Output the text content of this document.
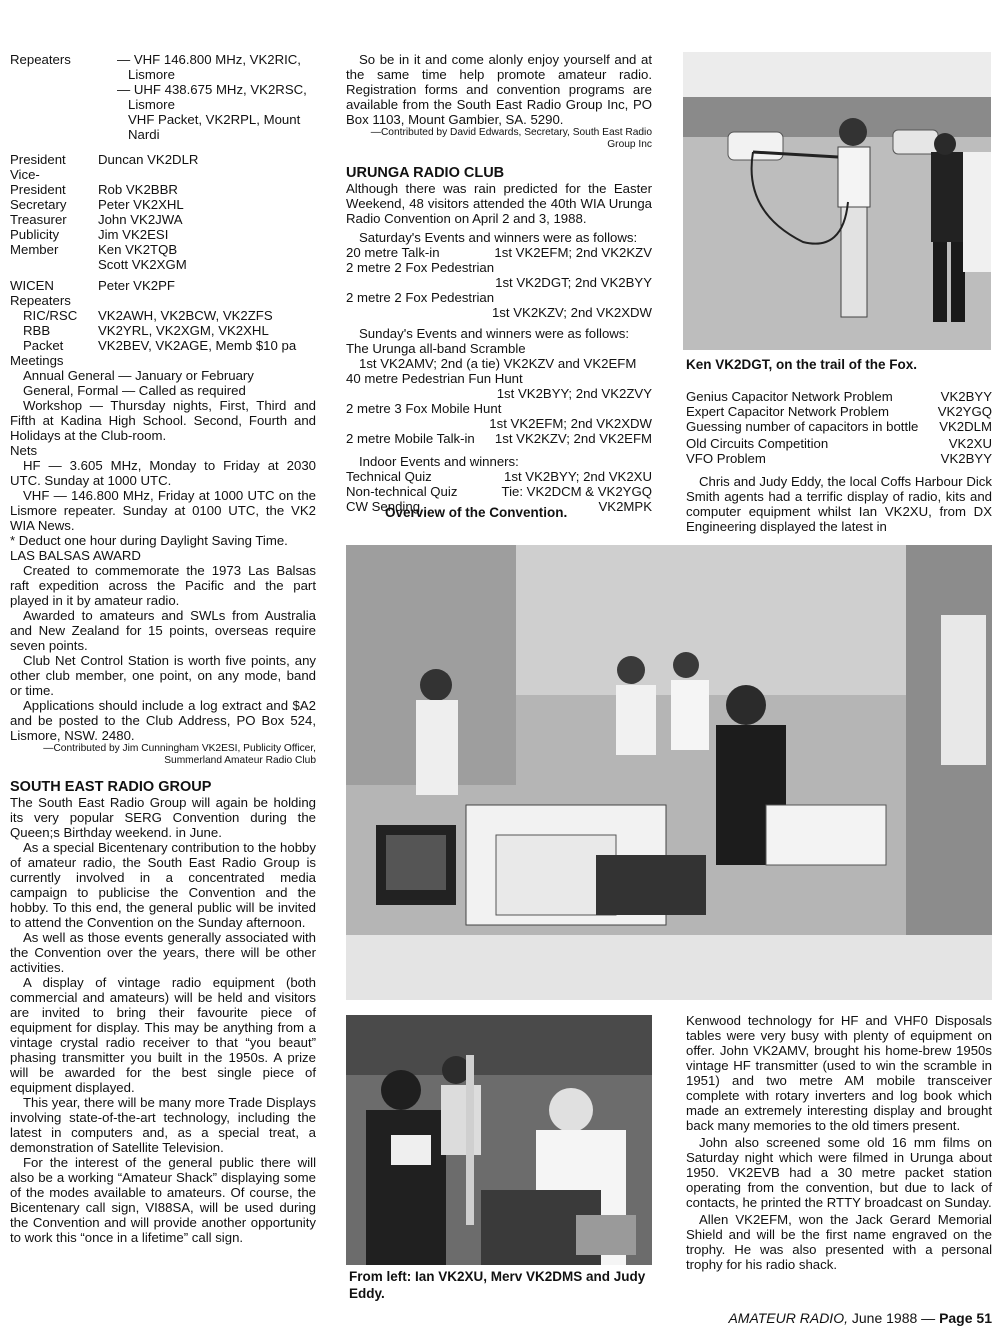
Repeaters	— VHF 146.800 MHz, VK2RIC,
Lismore
— UHF 438.675 MHz, VK2RSC,
Lismore
VHF Packet, VK2RPL, Mount
Nardi
President	Duncan VK2DLR
Vice-
President	Rob VK2BBR
Secretary	Peter VK2XHL
Treasurer	John VK2JWA
Publicity	Jim VK2ESI
Member	Ken VK2TQB
Scott VK2XGM
WICEN	Peter VK2PF
Repeaters
RIC/RSC	VK2AWH, VK2BCW, VK2ZFS
RBB	VK2YRL, VK2XGM, VK2XHL
Packet	VK2BEV, VK2AGE, Memb $10 pa
Meetings
Annual General — January or February
General, Formal — Called as required
Workshop — Thursday nights, First, Third and Fifth at Kadina High School. Second, Fourth and Holidays at the Club-room.
Nets
HF — 3.605 MHz, Monday to Friday at 2030 UTC. Sunday at 1000 UTC.
VHF — 146.800 MHz, Friday at 1000 UTC on the Lismore repeater. Sunday at 0100 UTC, the VK2 WIA News.
* Deduct one hour during Daylight Saving Time.
LAS BALSAS AWARD
Created to commemorate the 1973 Las Balsas raft expedition across the Pacific and the part played in it by amateur radio.
Awarded to amateurs and SWLs from Australia and New Zealand for 15 points, overseas require seven points.
Club Net Control Station is worth five points, any other club member, one point, on any mode, band or time.
Applications should include a log extract and $A2 and be posted to the Club Address, PO Box 524, Lismore, NSW. 2480.
—Contributed by Jim Cunningham VK2ESI, Publicity Officer,
Summerland Amateur Radio Club
SOUTH EAST RADIO GROUP
The South East Radio Group will again be holding its very popular SERG Convention during the Queen;s Birthday weekend. in June.
As a special Bicentenary contribution to the hobby of amateur radio, the South East Radio Group is currently involved in a concentrated media campaign to publicise the Convention and the hobby. To this end, the general public will be invited to attend the Convention on the Sunday afternoon.
As well as those events generally associated with the Convention over the years, there will be other activities.
A display of vintage radio equipment (both commercial and amateurs) will be held and visitors are invited to bring their favourite piece of equipment for display. This may be anything from a vintage crystal radio receiver to that “you beaut” phasing transmitter you built in the 1950s. A prize will be awarded for the best single piece of equipment displayed.
This year, there will be many more Trade Displays involving state-of-the-art technology, including the latest in computers and, as a special treat, a demonstration of Satellite Television.
For the interest of the general public there will also be a working “Amateur Shack” displaying some of the modes available to amateurs. Of course, the Bicentenary call sign, VI88SA, will be used during the Convention and will provide another opportunity to work this “once in a lifetime” call sign.
So be in it and come alonly enjoy yourself and at the same time help promote amateur radio. Registration forms and convention programs are available from the South East Radio Group Inc, PO Box 1103, Mount Gambier, SA. 5290.
—Contributed by David Edwards, Secretary, South East Radio
Group Inc
URUNGA RADIO CLUB
Although there was rain predicted for the Easter Weekend, 48 visitors attended the 40th WIA Urunga Radio Convention on April 2 and 3, 1988.
Saturday's Events and winners were as follows:
20 metre Talk-in	1st VK2EFM; 2nd VK2KZV
2 metre 2 Fox Pedestrian
1st VK2DGT; 2nd VK2BYY
2 metre 2 Fox Pedestrian
1st VK2KZV; 2nd VK2XDW
Sunday's Events and winners were as follows:
The Urunga all-band Scramble
1st VK2AMV; 2nd (a tie) VK2KZV and VK2EFM
40 metre Pedestrian Fun Hunt
1st VK2BYY; 2nd VK2ZVY
2 metre 3 Fox Mobile Hunt
1st VK2EFM; 2nd VK2XDW
2 metre Mobile Talk-in 1st VK2KZV; 2nd VK2EFM
Indoor Events and winners:
Technical Quiz	1st VK2BYY; 2nd VK2XU
Non-technical Quiz	Tie: VK2DCM & VK2YGQ
CW Sending	VK2MPK
Overview of the Convention.
Ken VK2DGT, on the trail of the Fox.
Genius Capacitor Network Problem	VK2BYY
Expert Capacitor Network Problem	VK2YGQ
Guessing number of capacitors in bottle VK2DLM
Old Circuits Competition	VK2XU
VFO Problem	VK2BYY
Chris and Judy Eddy, the local Coffs Harbour Dick Smith agents had a terrific display of radio, kits and computer equipment whilst Ian VK2XU, from DX Engineering displayed the latest in
From left: Ian VK2XU, Merv VK2DMS and Judy Eddy.
Kenwood technology for HF and VHF0 Disposals tables were very busy with plenty of equipment on offer. John VK2AMV, brought his home-brew 1950s vintage HF transmitter (used to win the scramble in 1951) and two metre AM mobile transceiver complete with rotary inverters and log book which made an extremely interesting display and brought back many memories to the old timers present.
John also screened some old 16 mm films on Saturday night which were filmed in Urunga about 1950. VK2EVB had a 30 metre packet station operating from the convention, but due to lack of contacts, he printed the RTTY broadcast on Sunday.
Allen VK2EFM, won the Jack Gerard Memorial Shield and will be the first name engraved on the trophy. He was also presented with a personal trophy for his radio shack.
AMATEUR RADIO, June 1988 — Page 51
